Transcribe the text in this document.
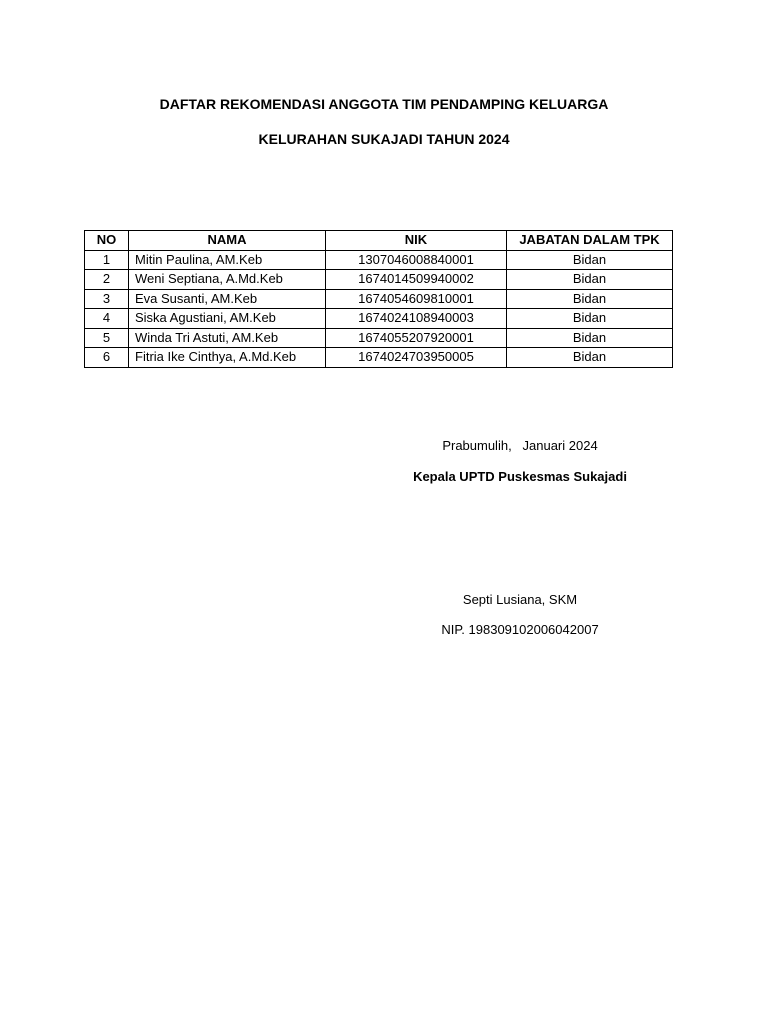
DAFTAR REKOMENDASI ANGGOTA TIM PENDAMPING KELUARGA
KELURAHAN SUKAJADI TAHUN 2024
NO	NAMA	NIK	JABATAN DALAM TPK
1	Mitin Paulina, AM.Keb	1307046008840001	Bidan
2	Weni Septiana, A.Md.Keb	1674014509940002	Bidan
3	Eva Susanti, AM.Keb	1674054609810001	Bidan
4	Siska Agustiani, AM.Keb	1674024108940003	Bidan
5	Winda Tri Astuti, AM.Keb	1674055207920001	Bidan
6	Fitria Ike Cinthya, A.Md.Keb	1674024703950005	Bidan
Prabumulih,   Januari 2024
Kepala UPTD Puskesmas Sukajadi
Septi Lusiana, SKM
NIP. 198309102006042007
